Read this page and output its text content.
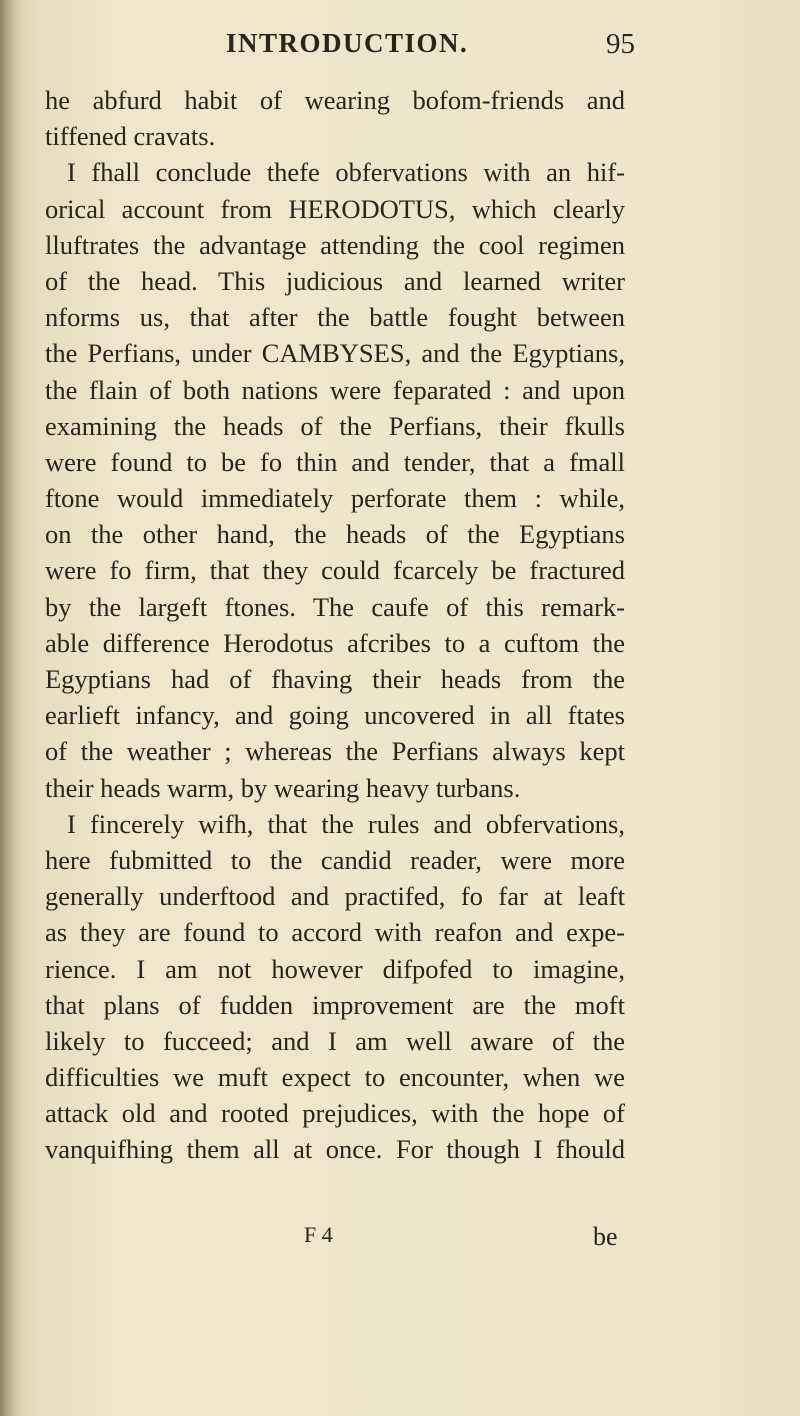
INTRODUCTION.	95
he abfurd habit of wearing bofom-friends and
tiffened cravats.
I fhall conclude thefe obfervations with an hif-
orical account from HERODOTUS, which clearly
lluftrates the advantage attending the cool regimen
of the head. This judicious and learned writer
nforms us, that after the battle fought between
the Perfians, under CAMBYSES, and the Egyptians,
the flain of both nations were feparated : and upon
examining the heads of the Perfians, their fkulls
were found to be fo thin and tender, that a fmall
ftone would immediately perforate them : while,
on the other hand, the heads of the Egyptians
were fo firm, that they could fcarcely be fractured
by the largeft ftones. The caufe of this remark-
able difference Herodotus afcribes to a cuftom the
Egyptians had of fhaving their heads from the
earlieft infancy, and going uncovered in all ftates
of the weather ; whereas the Perfians always kept
their heads warm, by wearing heavy turbans.
I fincerely wifh, that the rules and obfervations,
here fubmitted to the candid reader, were more
generally underftood and practifed, fo far at leaft
as they are found to accord with reafon and expe-
rience. I am not however difpofed to imagine,
that plans of fudden improvement are the moft
likely to fucceed; and I am well aware of the
difficulties we muft expect to encounter, when we
attack old and rooted prejudices, with the hope of
vanquifhing them all at once. For though I fhould
F 4	be
